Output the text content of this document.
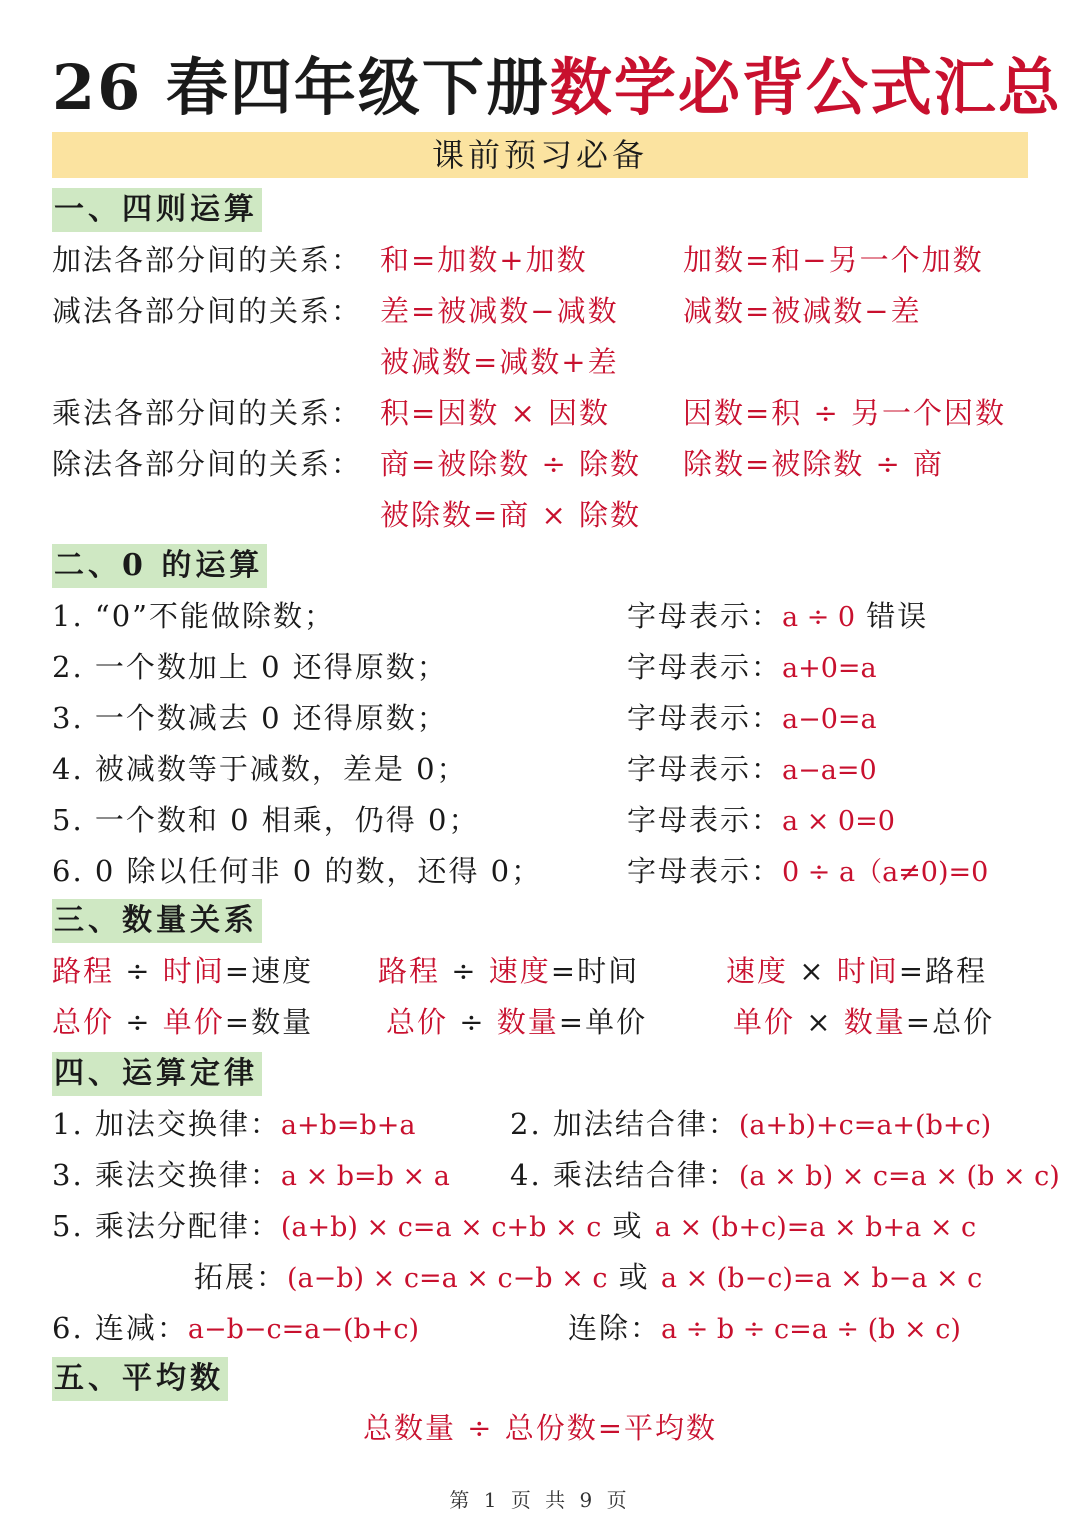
26 春四年级下册数学必背公式汇总
课前预习必备
一、四则运算
加法各部分间的关系： 和=加数+加数	加数=和−另一个加数
减法各部分间的关系： 差=被减数−减数 减数=被减数−差
被减数=减数+差
乘法各部分间的关系： 积=因数 × 因数	因数=积 ÷ 另一个因数
除法各部分间的关系： 商=被除数 ÷ 除数 除数=被除数 ÷ 商
被除数=商 × 除数
二、0 的运算
1. “0”不能做除数；	字母表示：a ÷ 0 错误
2. 一个数加上 0 还得原数；	字母表示：a+0=a
3. 一个数减去 0 还得原数；	字母表示：a−0=a
4. 被减数等于减数，差是 0；	字母表示：a−a=0
5. 一个数和 0 相乘，仍得 0；	字母表示：a × 0=0
6. 0 除以任何非 0 的数，还得 0；	字母表示：0 ÷ a（a≠0)=0
三、数量关系
路程 ÷ 时间=速度 路程 ÷ 速度=时间	速度 × 时间=路程
总价 ÷ 单价=数量	总价 ÷ 数量=单价	单价 × 数量=总价
四、运算定律
1. 加法交换律：a+b=b+a	2. 加法结合律：(a+b)+c=a+(b+c)
3. 乘法交换律：a × b=b × a 4. 乘法结合律：(a × b) × c=a × (b × c)
5. 乘法分配律：(a+b) × c=a × c+b × c 或 a × (b+c)=a × b+a × c
拓展：(a−b) × c=a × c−b × c 或 a × (b−c)=a × b−a × c
6. 连减：a−b−c=a−(b+c)	连除：a ÷ b ÷ c=a ÷ (b × c)
五、平均数
总数量 ÷ 总份数=平均数
第 1 页 共 9 页
